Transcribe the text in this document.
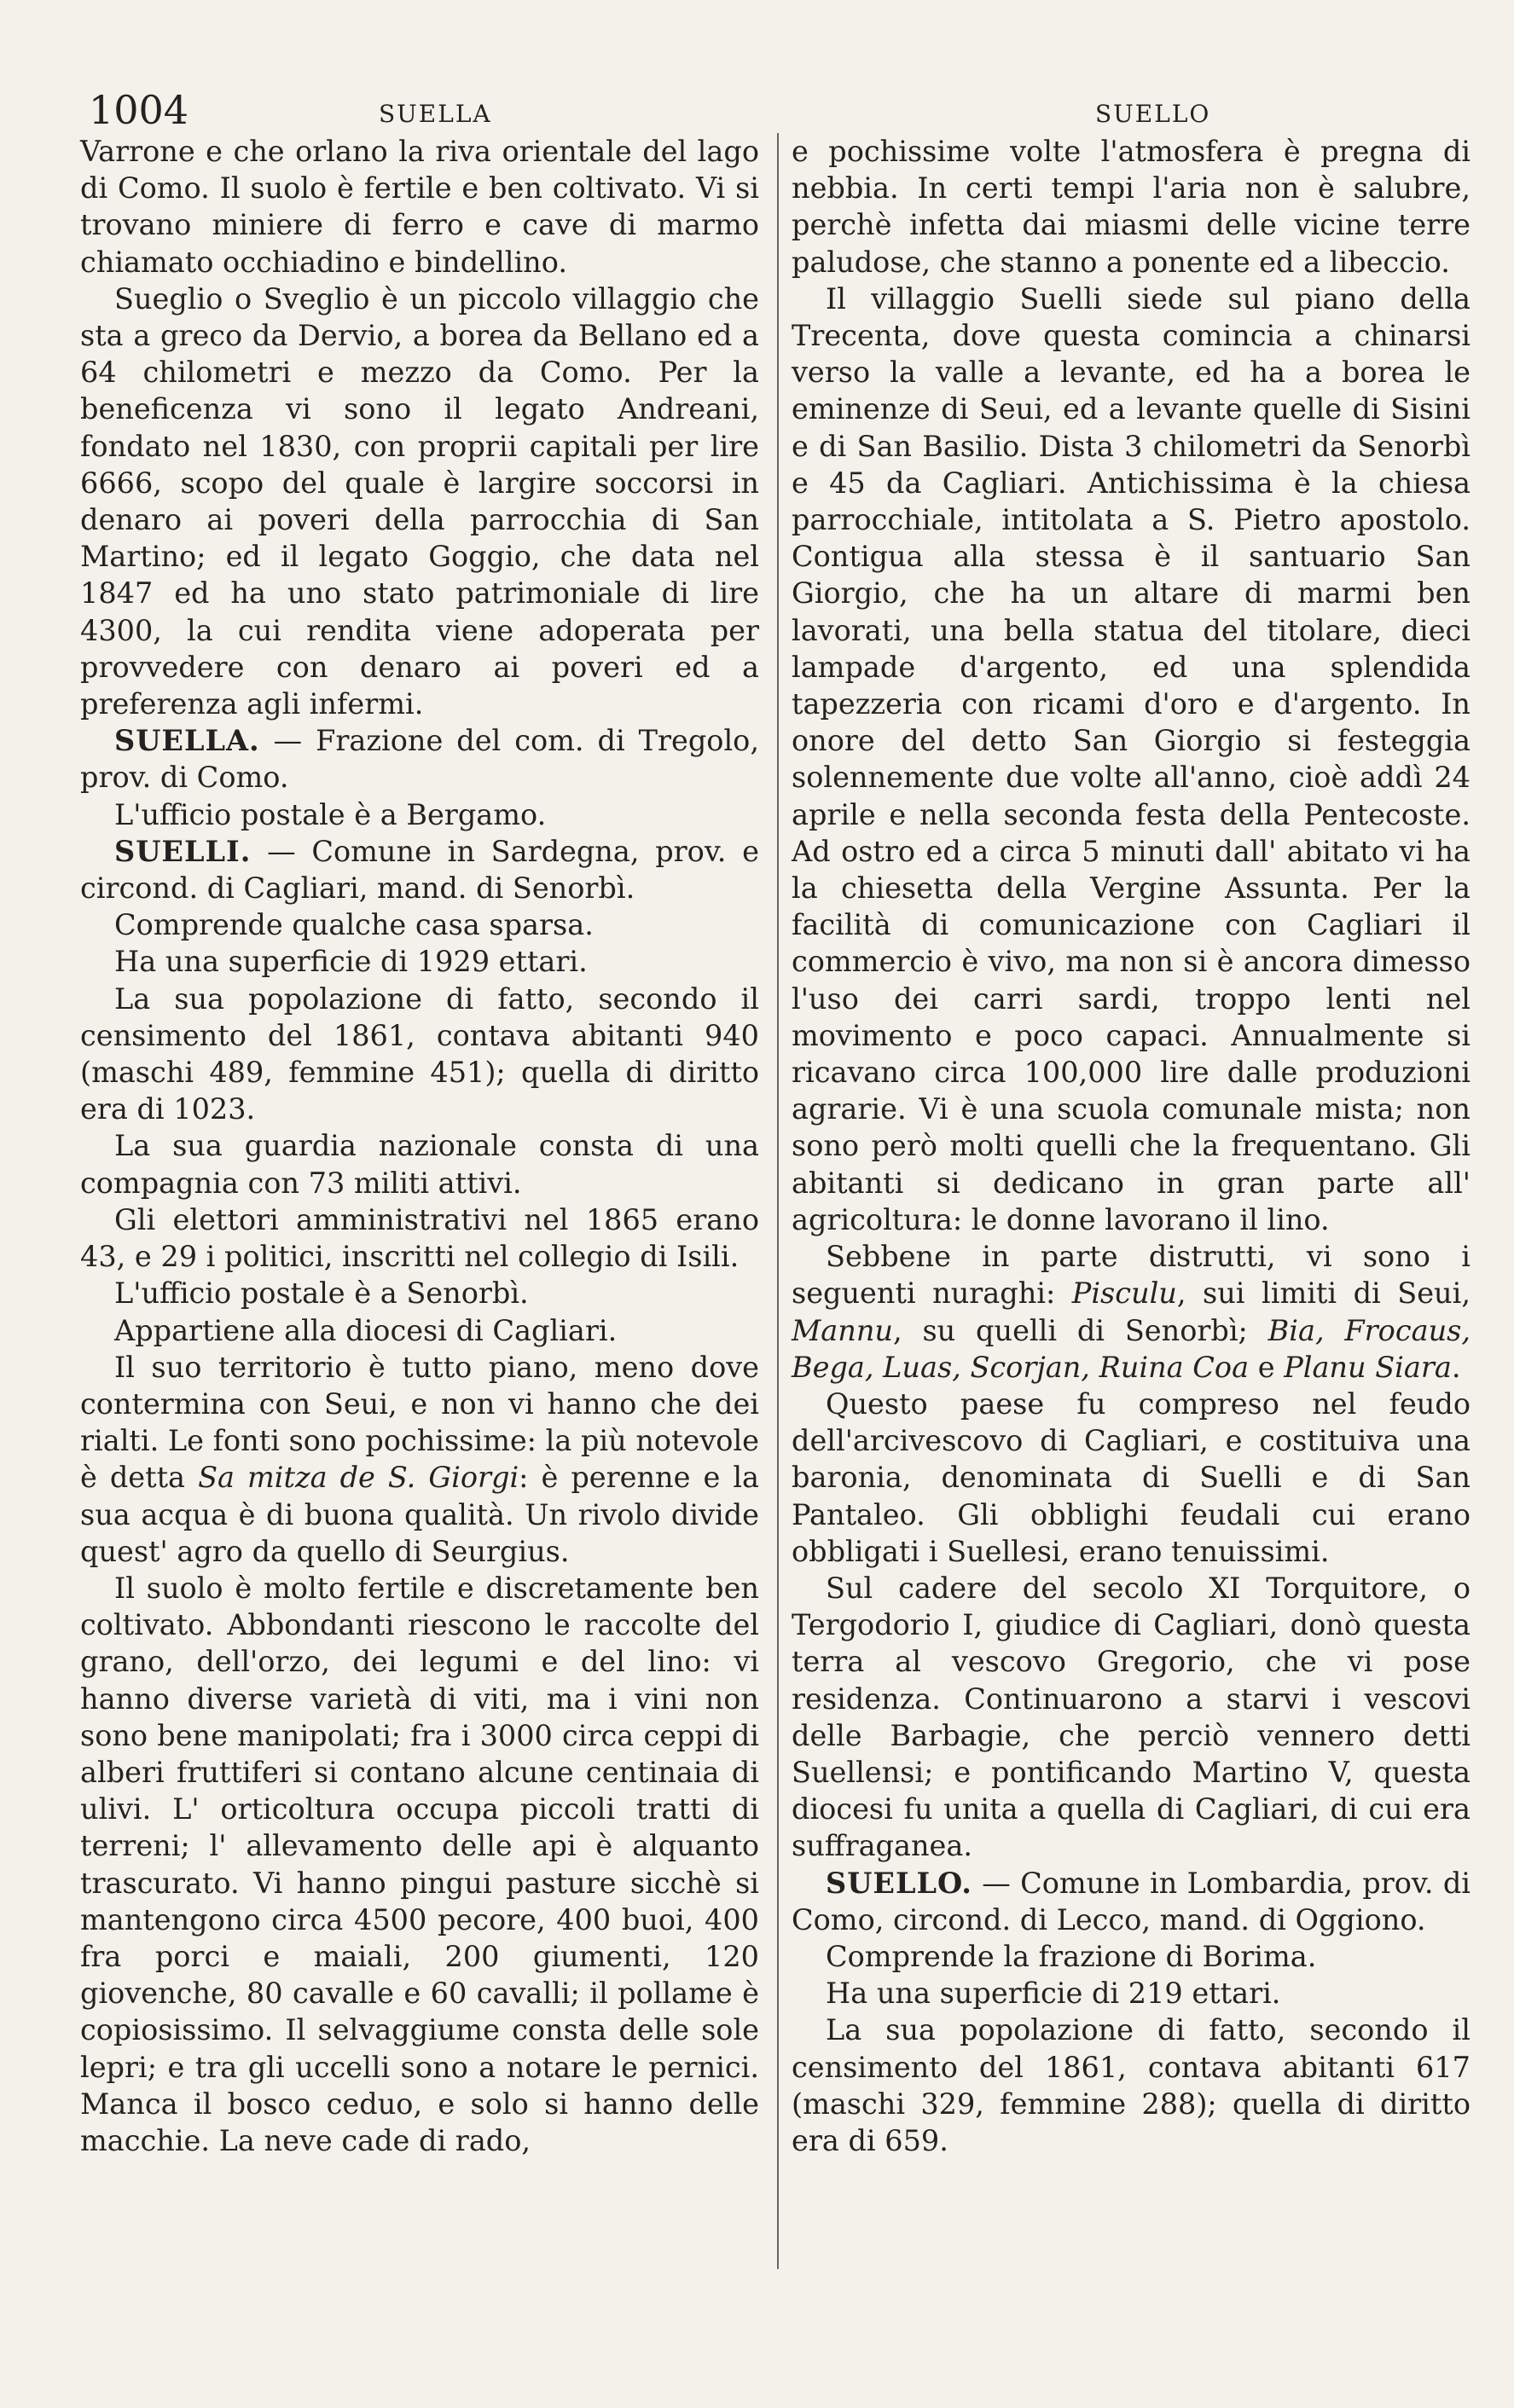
1004	SUELLA	SUELLO

Varrone e che orlano la riva orientale del lago di Como. Il suolo è fertile e ben coltivato. Vi si trovano miniere di ferro e cave di marmo chiamato occhiadino e bindellino.

Sueglio o Sveglio è un piccolo villaggio che sta a greco da Dervio, a borea da Bellano ed a 64 chilometri e mezzo da Como. Per la beneficenza vi sono il legato Andreani, fondato nel 1830, con proprii capitali per lire 6666, scopo del quale è largire soccorsi in denaro ai poveri della parrocchia di San Martino; ed il legato Goggio, che data nel 1847 ed ha uno stato patrimoniale di lire 4300, la cui rendita viene adoperata per provvedere con denaro ai poveri ed a preferenza agli infermi.

SUELLA. — Frazione del com. di Tregolo, prov. di Como.

L'ufficio postale è a Bergamo.

SUELLI. — Comune in Sardegna, prov. e circond. di Cagliari, mand. di Senorbì.

Comprende qualche casa sparsa.

Ha una superficie di 1929 ettari.

La sua popolazione di fatto, secondo il censimento del 1861, contava abitanti 940 (maschi 489, femmine 451); quella di diritto era di 1023.

La sua guardia nazionale consta di una compagnia con 73 militi attivi.

Gli elettori amministrativi nel 1865 erano 43, e 29 i politici, inscritti nel collegio di Isili.

L'ufficio postale è a Senorbì.

Appartiene alla diocesi di Cagliari.

Il suo territorio è tutto piano, meno dove contermina con Seui, e non vi hanno che dei rialti. Le fonti sono pochissime: la più notevole è detta Sa mitza de S. Giorgi: è perenne e la sua acqua è di buona qualità. Un rivolo divide quest' agro da quello di Seurgius.

Il suolo è molto fertile e discretamente ben coltivato. Abbondanti riescono le raccolte del grano, dell'orzo, dei legumi e del lino: vi hanno diverse varietà di viti, ma i vini non sono bene manipolati; fra i 3000 circa ceppi di alberi fruttiferi si contano alcune centinaia di ulivi. L' orticoltura occupa piccoli tratti di terreni; l' allevamento delle api è alquanto trascurato. Vi hanno pingui pasture sicchè si mantengono circa 4500 pecore, 400 buoi, 400 fra porci e maiali, 200 giumenti, 120 giovenche, 80 cavalle e 60 cavalli; il pollame è copiosissimo. Il selvaggiume consta delle sole lepri; e tra gli uccelli sono a notare le pernici. Manca il bosco ceduo, e solo si hanno delle macchie. La neve cade di rado,

e pochissime volte l'atmosfera è pregna di nebbia. In certi tempi l'aria non è salubre, perchè infetta dai miasmi delle vicine terre paludose, che stanno a ponente ed a libeccio.

Il villaggio Suelli siede sul piano della Trecenta, dove questa comincia a chinarsi verso la valle a levante, ed ha a borea le eminenze di Seui, ed a levante quelle di Sisini e di San Basilio. Dista 3 chilometri da Senorbì e 45 da Cagliari. Antichissima è la chiesa parrocchiale, intitolata a S. Pietro apostolo. Contigua alla stessa è il santuario San Giorgio, che ha un altare di marmi ben lavorati, una bella statua del titolare, dieci lampade d'argento, ed una splendida tapezzeria con ricami d'oro e d'argento. In onore del detto San Giorgio si festeggia solennemente due volte all'anno, cioè addì 24 aprile e nella seconda festa della Pentecoste. Ad ostro ed a circa 5 minuti dall' abitato vi ha la chiesetta della Vergine Assunta. Per la facilità di comunicazione con Cagliari il commercio è vivo, ma non si è ancora dimesso l'uso dei carri sardi, troppo lenti nel movimento e poco capaci. Annualmente si ricavano circa 100,000 lire dalle produzioni agrarie. Vi è una scuola comunale mista; non sono però molti quelli che la frequentano. Gli abitanti si dedicano in gran parte all' agricoltura: le donne lavorano il lino.

Sebbene in parte distrutti, vi sono i seguenti nuraghi: Pisculu, sui limiti di Seui, Mannu, su quelli di Senorbì; Bia, Frocaus, Bega, Luas, Scorjan, Ruina Coa e Planu Siara.

Questo paese fu compreso nel feudo dell'arcivescovo di Cagliari, e costituiva una baronia, denominata di Suelli e di San Pantaleo. Gli obblighi feudali cui erano obbligati i Suellesi, erano tenuissimi.

Sul cadere del secolo XI Torquitore, o Tergodorio I, giudice di Cagliari, donò questa terra al vescovo Gregorio, che vi pose residenza. Continuarono a starvi i vescovi delle Barbagie, che perciò vennero detti Suellensi; e pontificando Martino V, questa diocesi fu unita a quella di Cagliari, di cui era suffraganea.

SUELLO. — Comune in Lombardia, prov. di Como, circond. di Lecco, mand. di Oggiono.

Comprende la frazione di Borima.

Ha una superficie di 219 ettari.

La sua popolazione di fatto, secondo il censimento del 1861, contava abitanti 617 (maschi 329, femmine 288); quella di diritto era di 659.
